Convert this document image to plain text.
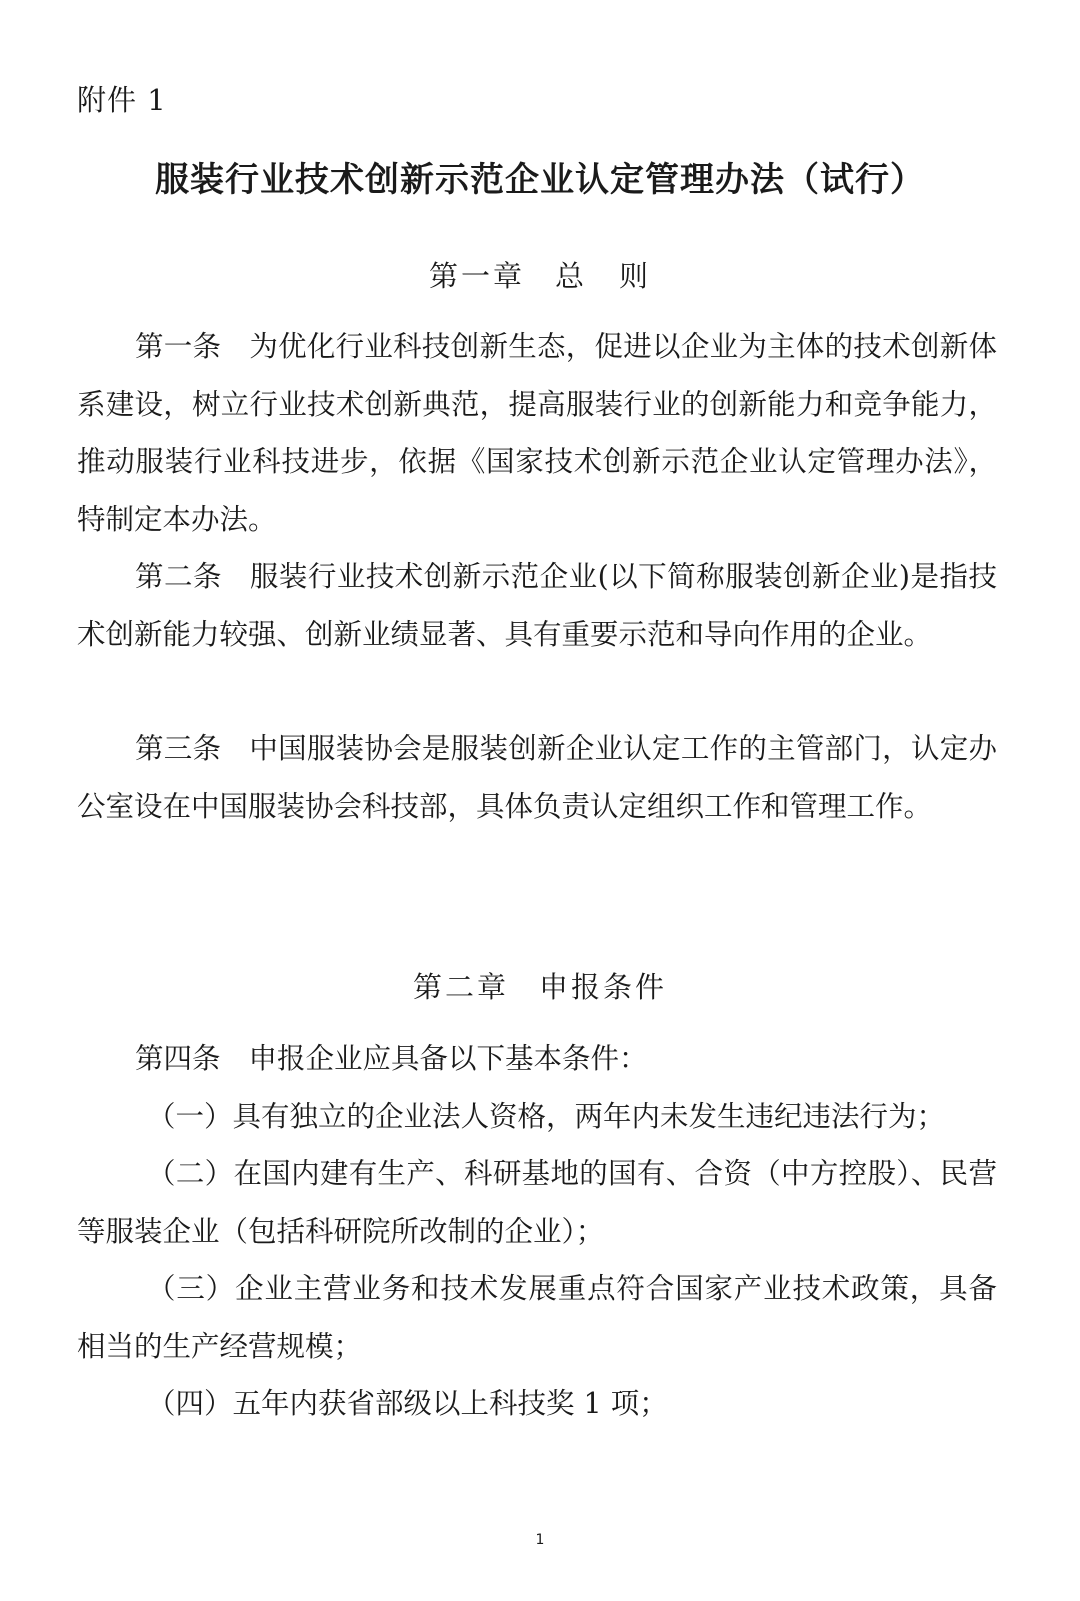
附件 1
服装行业技术创新示范企业认定管理办法（试行）
第一章 总　则

第一条 为优化行业科技创新生态，促进以企业为主体的技术创新体系建设，树立行业技术创新典范，提高服装行业的创新能力和竞争能力，推动服装行业科技进步，依据《国家技术创新示范企业认定管理办法》，特制定本办法。

第二条 服装行业技术创新示范企业(以下简称服装创新企业)是指技术创新能力较强、创新业绩显著、具有重要示范和导向作用的企业。

第三条 中国服装协会是服装创新企业认定工作的主管部门，认定办公室设在中国服装协会科技部，具体负责认定组织工作和管理工作。

第二章 申报条件

第四条 申报企业应具备以下基本条件：

（一）具有独立的企业法人资格，两年内未发生违纪违法行为；

（二）在国内建有生产、科研基地的国有、合资（中方控股）、民营等服装企业（包括科研院所改制的企业）；

（三）企业主营业务和技术发展重点符合国家产业技术政策，具备相当的生产经营规模；

（四）五年内获省部级以上科技奖 1 项；

1
